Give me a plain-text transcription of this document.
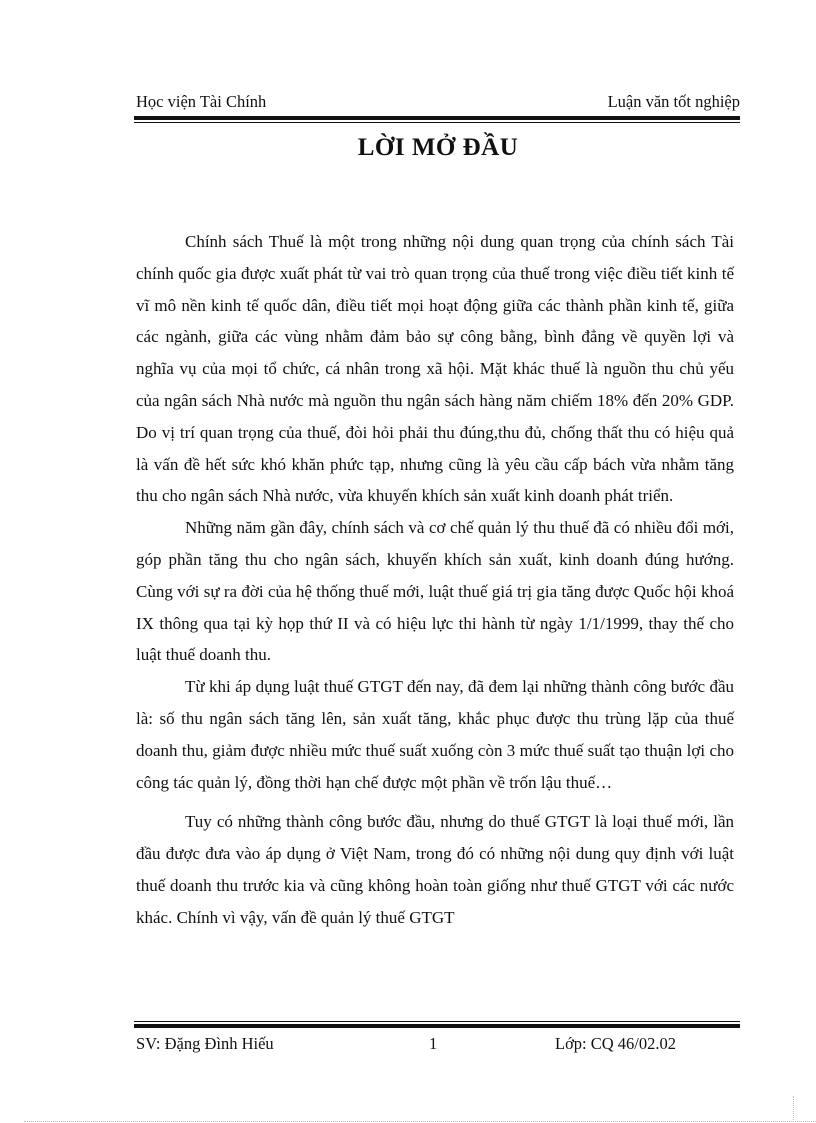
Học viện Tài Chính	Luận văn tốt nghiệp
LỜI MỞ ĐẦU

Chính sách Thuế là một trong những nội dung quan trọng của chính sách Tài chính quốc gia được xuất phát từ vai trò quan trọng của thuế trong việc điều tiết kinh tế vĩ mô nền kinh tế quốc dân, điều tiết mọi hoạt động giữa các thành phần kinh tế, giữa các ngành, giữa các vùng nhằm đảm bảo sự công bằng, bình đẳng về quyền lợi và nghĩa vụ của mọi tổ chức, cá nhân trong xã hội. Mặt khác thuế là nguồn thu chủ yếu của ngân sách Nhà nước mà nguồn thu ngân sách hàng năm chiếm 18% đến 20% GDP. Do vị trí quan trọng của thuế, đòi hỏi phải thu đúng,thu đủ, chống thất thu có hiệu quả là vấn đề hết sức khó khăn phức tạp, nhưng cũng là yêu cầu cấp bách vừa nhằm tăng thu cho ngân sách Nhà nước, vừa khuyến khích sản xuất kinh doanh phát triển.

Những năm gần đây, chính sách và cơ chế quản lý thu thuế đã có nhiều đổi mới, góp phần tăng thu cho ngân sách, khuyến khích sản xuất, kinh doanh đúng hướng. Cùng với sự ra đời của hệ thống thuế mới, luật thuế giá trị gia tăng được Quốc hội khoá IX thông qua tại kỳ họp thứ II và có hiệu lực thi hành từ ngày 1/1/1999, thay thế cho luật thuế doanh thu.

Từ khi áp dụng luật thuế GTGT đến nay, đã đem lại những thành công bước đầu là: số thu ngân sách tăng lên, sản xuất tăng, khắc phục được thu trùng lặp của thuế doanh thu, giảm được nhiều mức thuế suất xuống còn 3 mức thuế suất tạo thuận lợi cho công tác quản lý, đồng thời hạn chế được một phần về trốn lậu thuế…

Tuy có những thành công bước đầu, nhưng do thuế GTGT là loại thuế mới, lần đầu được đưa vào áp dụng ở Việt Nam, trong đó có những nội dung quy định với luật thuế doanh thu trước kia và cũng không hoàn toàn giống như thuế GTGT với các nước khác. Chính vì vậy, vấn đề quản lý thuế GTGT

SV: Đặng Đình Hiếu	1	Lớp: CQ 46/02.02
